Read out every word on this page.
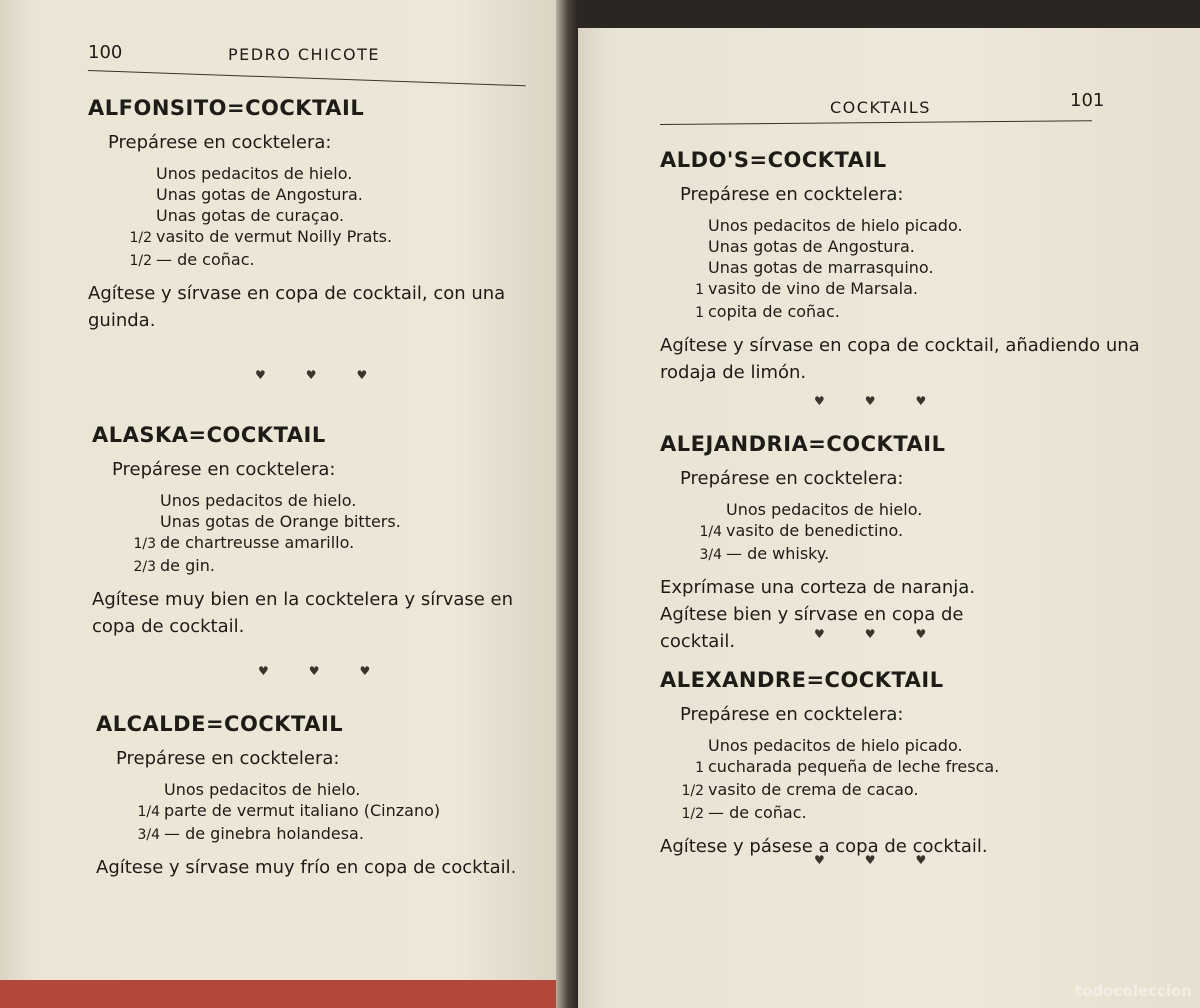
100	PEDRO CHICOTE
ALFONSITO=COCKTAIL
Prepárese en cocktelera:
Unos pedacitos de hielo.
Unas gotas de Angostura.
Unas gotas de curaçao.
1/2 vasito de vermut Noilly Prats.
1/2 — de coñac.
Agítese y sírvase en copa de cocktail, con una guinda.
♥♥♥
ALASKA=COCKTAIL
Prepárese en cocktelera:
Unos pedacitos de hielo.
Unas gotas de Orange bitters.
1/3 de chartreusse amarillo.
2/3 de gin.
Agítese muy bien en la cocktelera y sírvase en copa de cocktail.
♥♥♥
ALCALDE=COCKTAIL
Prepárese en cocktelera:
Unos pedacitos de hielo.
1/4 parte de vermut italiano (Cinzano)
3/4 — de ginebra holandesa.
Agítese y sírvase muy frío en copa de cocktail.
COCKTAILS	101
ALDO'S=COCKTAIL
Prepárese en cocktelera:
Unos pedacitos de hielo picado.
Unas gotas de Angostura.
Unas gotas de marrasquino.
1 vasito de vino de Marsala.
1 copita de coñac.
Agítese y sírvase en copa de cocktail, añadiendo una rodaja de limón.
♥♥♥
ALEJANDRIA=COCKTAIL
Prepárese en cocktelera:
Unos pedacitos de hielo.
1/4 vasito de benedictino.
3/4 — de whisky.
Exprímase una corteza de naranja. Agítese bien y sírvase en copa de cocktail.	♥♥♥
ALEXANDRE=COCKTAIL
Prepárese en cocktelera:
Unos pedacitos de hielo picado.
1 cucharada pequeña de leche fresca.
1/2 vasito de crema de cacao.
1/2 — de coñac.
Agítese y pásese a copa de cocktail.
♥♥♥
todocoleccion
